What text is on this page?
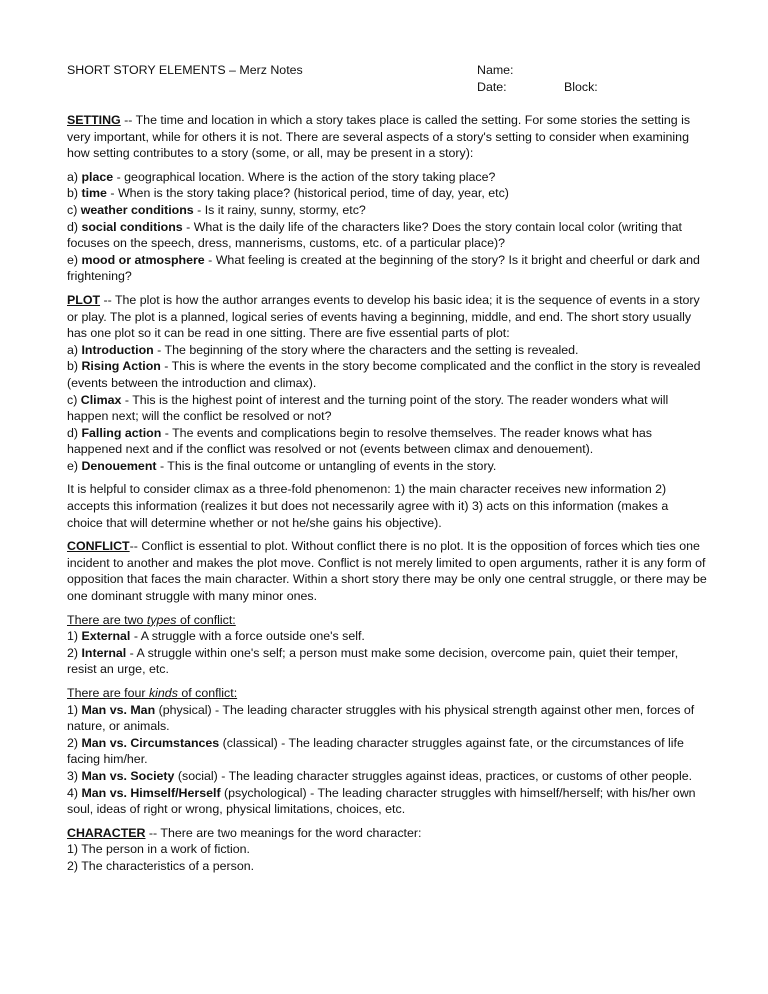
SHORT STORY ELEMENTS – Merz Notes	Name:
Date:	Block:

SETTING -- The time and location in which a story takes place is called the setting. For some stories the setting is very important, while for others it is not. There are several aspects of a story's setting to consider when examining how setting contributes to a story (some, or all, may be present in a story):

a) place - geographical location. Where is the action of the story taking place?

b) time - When is the story taking place? (historical period, time of day, year, etc)

c) weather conditions - Is it rainy, sunny, stormy, etc?

d) social conditions - What is the daily life of the characters like? Does the story contain local color (writing that focuses on the speech, dress, mannerisms, customs, etc. of a particular place)?

e) mood or atmosphere - What feeling is created at the beginning of the story? Is it bright and cheerful or dark and frightening?

PLOT -- The plot is how the author arranges events to develop his basic idea; it is the sequence of events in a story or play. The plot is a planned, logical series of events having a beginning, middle, and end. The short story usually has one plot so it can be read in one sitting. There are five essential parts of plot:

a) Introduction - The beginning of the story where the characters and the setting is revealed.

b) Rising Action - This is where the events in the story become complicated and the conflict in the story is revealed (events between the introduction and climax).

c) Climax - This is the highest point of interest and the turning point of the story. The reader wonders what will happen next; will the conflict be resolved or not?

d) Falling action - The events and complications begin to resolve themselves. The reader knows what has happened next and if the conflict was resolved or not (events between climax and denouement).

e) Denouement - This is the final outcome or untangling of events in the story.

It is helpful to consider climax as a three-fold phenomenon: 1) the main character receives new information 2) accepts this information (realizes it but does not necessarily agree with it) 3) acts on this information (makes a choice that will determine whether or not he/she gains his objective).

CONFLICT-- Conflict is essential to plot. Without conflict there is no plot. It is the opposition of forces which ties one incident to another and makes the plot move. Conflict is not merely limited to open arguments, rather it is any form of opposition that faces the main character. Within a short story there may be only one central struggle, or there may be one dominant struggle with many minor ones.

There are two types of conflict:

1) External - A struggle with a force outside one's self.

2) Internal - A struggle within one's self; a person must make some decision, overcome pain, quiet their temper, resist an urge, etc.

There are four kinds of conflict:

1) Man vs. Man (physical) - The leading character struggles with his physical strength against other men, forces of nature, or animals.

2) Man vs. Circumstances (classical) - The leading character struggles against fate, or the circumstances of life facing him/her.

3) Man vs. Society (social) - The leading character struggles against ideas, practices, or customs of other people.

4) Man vs. Himself/Herself (psychological) - The leading character struggles with himself/herself; with his/her own soul, ideas of right or wrong, physical limitations, choices, etc.

CHARACTER -- There are two meanings for the word character:

1) The person in a work of fiction.

2) The characteristics of a person.
